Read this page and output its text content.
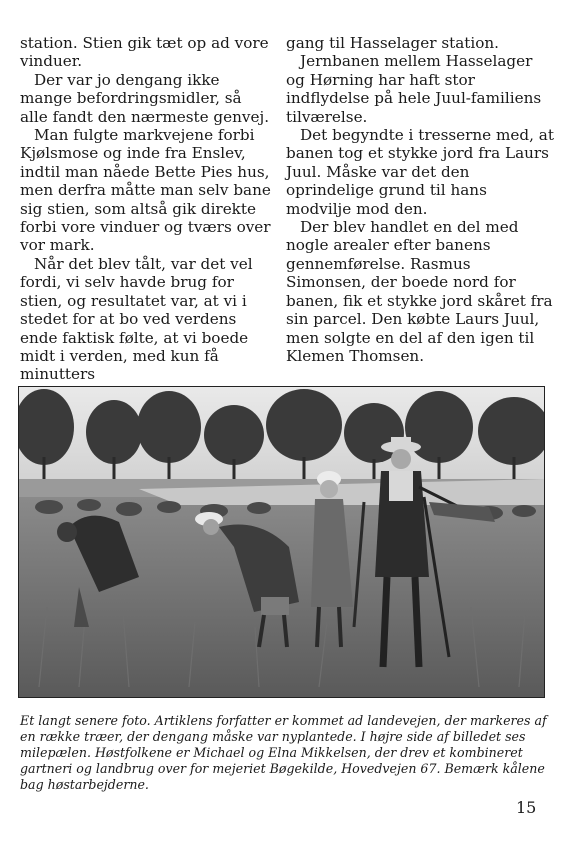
station. Stien gik tæt op ad vore vinduer.

Der var jo dengang ikke mange befordringsmidler, så alle fandt den nærmeste genvej.

Man fulgte markvejene forbi Kjølsmose og inde fra Enslev, indtil man nåede Bette Pies hus, men derfra måtte man selv bane sig stien, som altså gik direkte forbi vore vinduer og tværs over vor mark.

Når det blev tålt, var det vel fordi, vi selv havde brug for stien, og resultatet var, at vi i stedet for at bo ved verdens ende faktisk følte, at vi boede midt i verden, med kun få minutters

gang til Hasselager station.

Jernbanen mellem Hasselager og Hørning har haft stor indflydelse på hele Juul-familiens tilværelse.

Det begyndte i tresserne med, at banen tog et stykke jord fra Laurs Juul. Måske var det den oprindelige grund til hans modvilje mod den.

Der blev handlet en del med nogle arealer efter banens gennemførelse. Rasmus Simonsen, der boede nord for banen, fik et stykke jord skåret fra sin parcel. Den købte Laurs Juul, men solgte en del af den igen til Klemen Thomsen.

Et langt senere foto. Artiklens forfatter er kommet ad landevejen, der markeres af en række træer, der dengang måske var nyplantede. I højre side af billedet ses milepælen. Høstfolkene er Michael og Elna Mikkelsen, der drev et kombineret gartneri og landbrug over for mejeriet Bøgekilde, Hovedvejen 67. Bemærk kålene bag høstarbejderne.

15
